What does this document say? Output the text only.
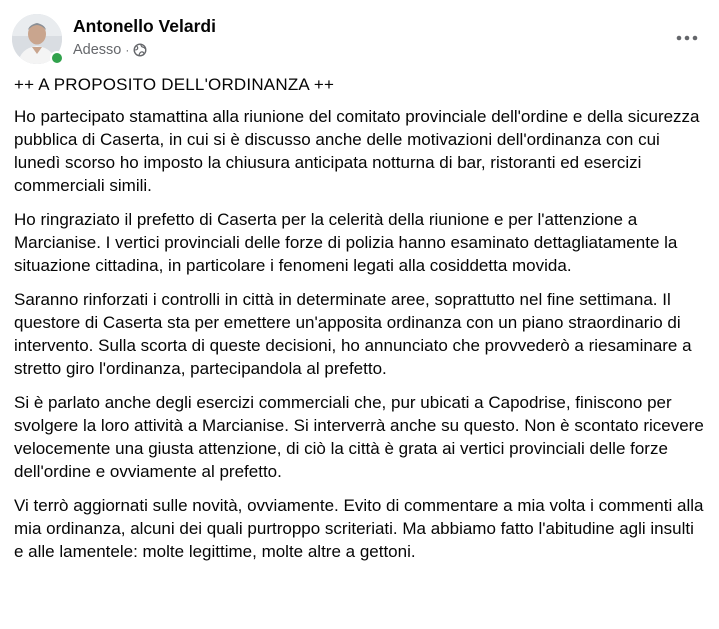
Antonello Velardi
Adesso ·

++ A PROPOSITO DELL'ORDINANZA ++

Ho partecipato stamattina alla riunione del comitato provinciale dell'ordine e della sicurezza pubblica di Caserta, in cui si è discusso anche delle motivazioni dell'ordinanza con cui lunedì scorso ho imposto la chiusura anticipata notturna di bar, ristoranti ed esercizi commerciali simili.

Ho ringraziato il prefetto di Caserta per la celerità della riunione e per l'attenzione a Marcianise. I vertici provinciali delle forze di polizia hanno esaminato dettagliatamente la situazione cittadina, in particolare i fenomeni legati alla cosiddetta movida.

Saranno rinforzati i controlli in città in determinate aree, soprattutto nel fine settimana. Il questore di Caserta sta per emettere un'apposita ordinanza con un piano straordinario di intervento. Sulla scorta di queste decisioni, ho annunciato che provvederò a riesaminare a stretto giro l'ordinanza, partecipandola al prefetto.

Si è parlato anche degli esercizi commerciali che, pur ubicati a Capodrise, finiscono per svolgere la loro attività a Marcianise. Si interverrà anche su questo. Non è scontato ricevere velocemente una giusta attenzione, di ciò la città è grata ai vertici provinciali delle forze dell'ordine e ovviamente al prefetto.

Vi terrò aggiornati sulle novità, ovviamente. Evito di commentare a mia volta i commenti alla mia ordinanza, alcuni dei quali purtroppo scriteriati. Ma abbiamo fatto l'abitudine agli insulti e alle lamentele: molte legittime, molte altre a gettoni.
